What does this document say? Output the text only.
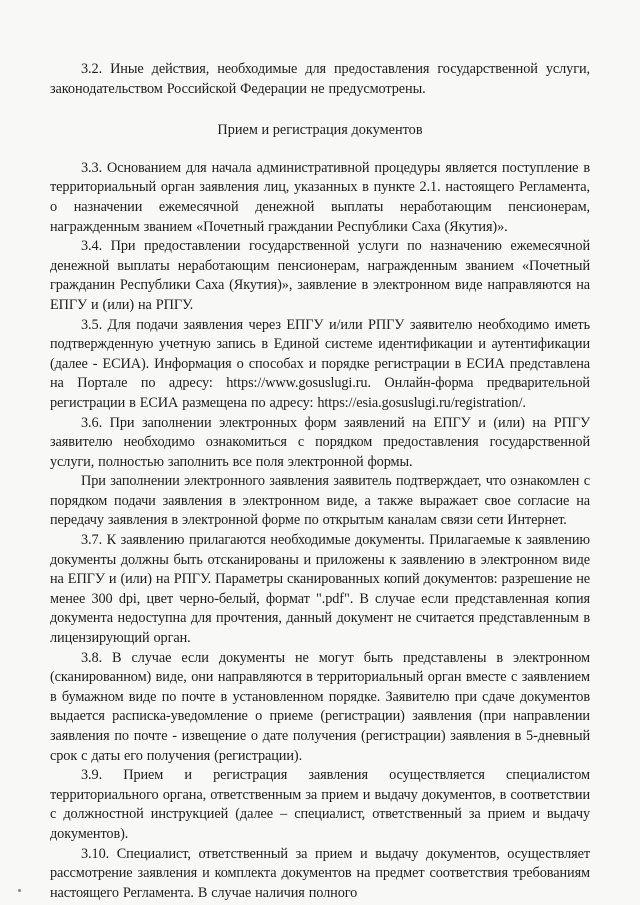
3.2. Иные действия, необходимые для предоставления государственной услуги, законодательством Российской Федерации не предусмотрены.

Прием и регистрация документов

3.3. Основанием для начала административной процедуры является поступление в территориальный орган заявления лиц, указанных в пункте 2.1. настоящего Регламента, о назначении ежемесячной денежной выплаты неработающим пенсионерам, награжденным званием «Почетный граждании Республики Саха (Якутия)».

3.4. При предоставлении государственной услуги по назначению ежемесячной денежной выплаты неработающим пенсионерам, награжденным званием «Почетный гражданин Республики Саха (Якутия)», заявление в электронном виде направляются на ЕПГУ и (или) на РПГУ.

3.5. Для подачи заявления через ЕПГУ и/или РПГУ заявителю необходимо иметь подтвержденную учетную запись в Единой системе идентификации и аутентификации (далее - ЕСИА). Информация о способах и порядке регистрации в ЕСИА представлена на Портале по адресу: https://www.gosuslugi.ru. Онлайн-форма предварительной регистрации в ЕСИА размещена по адресу: https://esia.gosuslugi.ru/registration/.

3.6. При заполнении электронных форм заявлений на ЕПГУ и (или) на РПГУ заявителю необходимо ознакомиться с порядком предоставления государственной услуги, полностью заполнить все поля электронной формы.

При заполнении электронного заявления заявитель подтверждает, что ознакомлен с порядком подачи заявления в электронном виде, а также выражает свое согласие на передачу заявления в электронной форме по открытым каналам связи сети Интернет.

3.7. К заявлению прилагаются необходимые документы. Прилагаемые к заявлению документы должны быть отсканированы и приложены к заявлению в электронном виде на ЕПГУ и (или) на РПГУ. Параметры сканированных копий документов: разрешение не менее 300 dpi, цвет черно-белый, формат ".pdf". В случае если представленная копия документа недоступна для прочтения, данный документ не считается представленным в лицензирующий орган.

3.8. В случае если документы не могут быть представлены в электронном (сканированном) виде, они направляются в территориальный орган вместе с заявлением в бумажном виде по почте в установленном порядке. Заявителю при сдаче документов выдается расписка-уведомление о приеме (регистрации) заявления (при направлении заявления по почте - извещение о дате получения (регистрации) заявления в 5-дневный срок с даты его получения (регистрации).

3.9. Прием и регистрация заявления осуществляется специалистом территориального органа, ответственным за прием и выдачу документов, в соответствии с должностной инструкцией (далее – специалист, ответственный за прием и выдачу документов).

3.10. Специалист, ответственный за прием и выдачу документов, осуществляет рассмотрение заявления и комплекта документов на предмет соответствия требованиям настоящего Регламента. В случае наличия полного
